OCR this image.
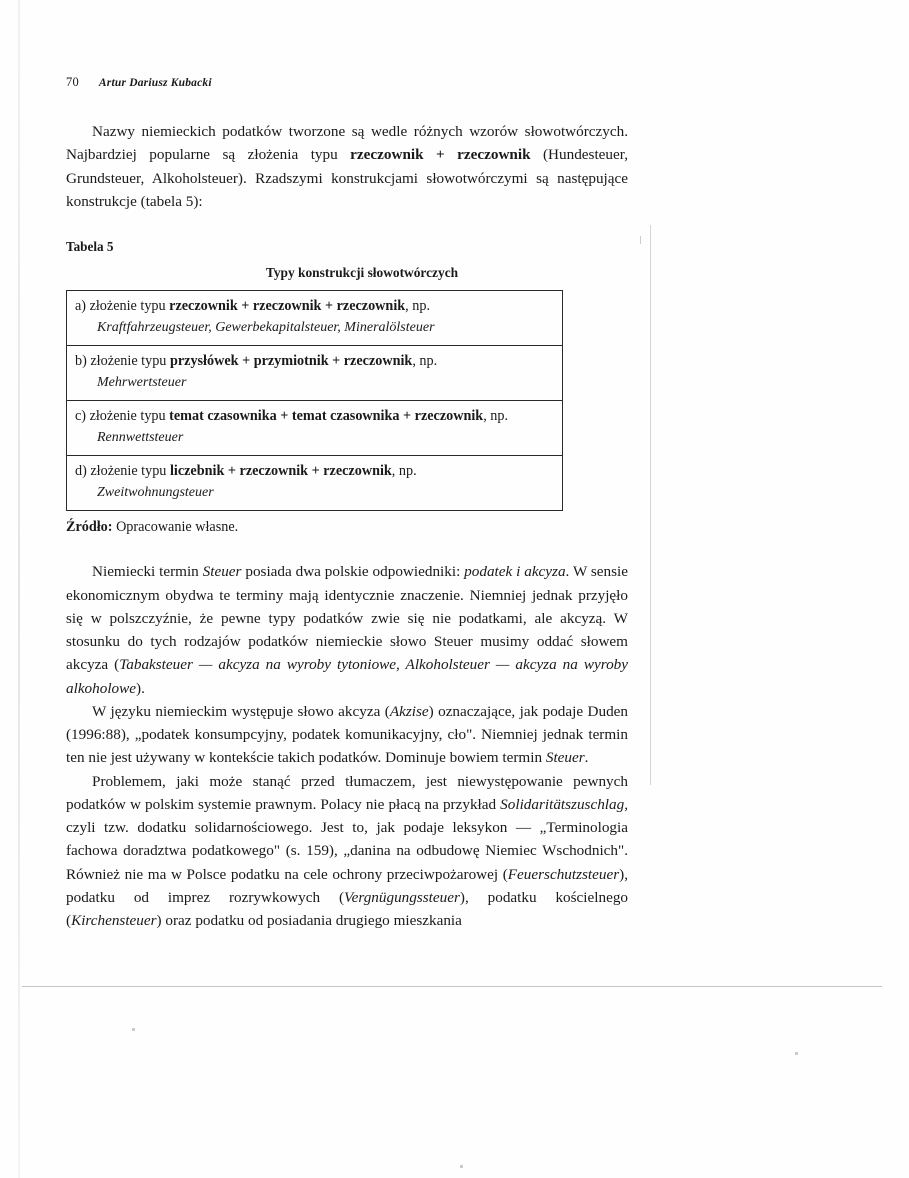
70 Artur Dariusz Kubacki

Nazwy niemieckich podatków tworzone są wedle różnych wzorów słowotwórczych. Najbardziej popularne są złożenia typu rzeczownik + rzeczownik (Hundesteuer, Grundsteuer, Alkoholsteuer). Rzadszymi konstrukcjami słowotwórczymi są następujące konstrukcje (tabela 5):

Tabela 5
Typy konstrukcji słowotwórczych
a) złożenie typu rzeczownik + rzeczownik + rzeczownik, np.
Kraftfahrzeugsteuer, Gewerbekapitalsteuer, Mineralölsteuer
b) złożenie typu przysłówek + przymiotnik + rzeczownik, np.
Mehrwertsteuer
c) złożenie typu temat czasownika + temat czasownika + rzeczownik, np.
Rennwettsteuer
d) złożenie typu liczebnik + rzeczownik + rzeczownik, np.
Zweitwohnungsteuer
Źródło: Opracowanie własne.

Niemiecki termin Steuer posiada dwa polskie odpowiedniki: podatek i akcyza. W sensie ekonomicznym obydwa te terminy mają identycznie znaczenie. Niemniej jednak przyjęło się w polszczyźnie, że pewne typy podatków zwie się nie podatkami, ale akcyzą. W stosunku do tych rodzajów podatków niemieckie słowo Steuer musimy oddać słowem akcyza (Tabaksteuer — akcyza na wyroby tytoniowe, Alkoholsteuer — akcyza na wyroby alkoholowe).

W języku niemieckim występuje słowo akcyza (Akzise) oznaczające, jak podaje Duden (1996:88), „podatek konsumpcyjny, podatek komunikacyjny, cło". Niemniej jednak termin ten nie jest używany w kontekście takich podatków. Dominuje bowiem termin Steuer.

Problemem, jaki może stanąć przed tłumaczem, jest niewystępowanie pewnych podatków w polskim systemie prawnym. Polacy nie płacą na przykład Solidaritätszuschlag, czyli tzw. dodatku solidarnościowego. Jest to, jak podaje leksykon — „Terminologia fachowa doradztwa podatkowego" (s. 159), „danina na odbudowę Niemiec Wschodnich". Również nie ma w Polsce podatku na cele ochrony przeciwpożarowej (Feuerschutzsteuer), podatku od imprez rozrywkowych (Vergnügungssteuer), podatku kościelnego (Kirchensteuer) oraz podatku od posiadania drugiego mieszkania
